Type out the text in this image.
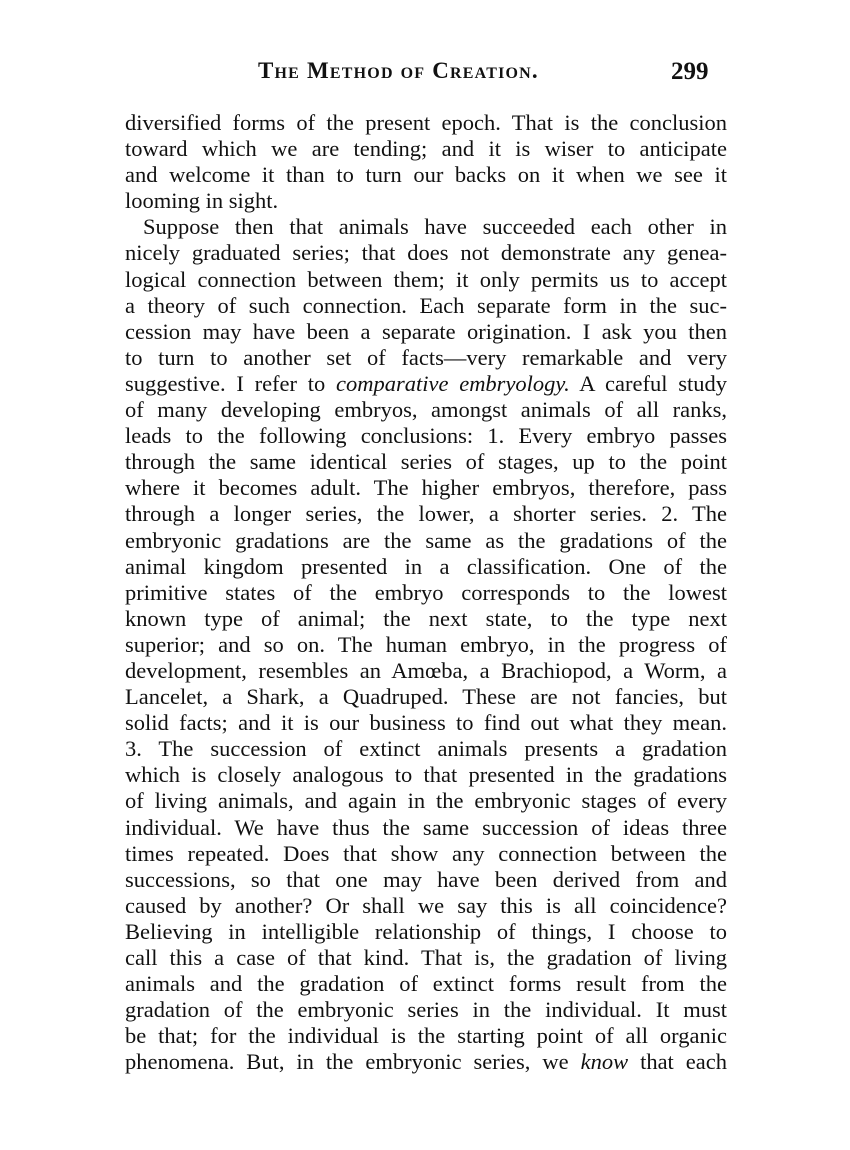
The Method of Creation.	299
diversified forms of the present epoch. That is the conclusion
toward which we are tending; and it is wiser to anticipate
and welcome it than to turn our backs on it when we see it
looming in sight.
Suppose then that animals have succeeded each other in
nicely graduated series; that does not demonstrate any genea-
logical connection between them; it only permits us to accept
a theory of such connection. Each separate form in the suc-
cession may have been a separate origination. I ask you then
to turn to another set of facts—very remarkable and very
suggestive. I refer to comparative embryology. A careful study
of many developing embryos, amongst animals of all ranks,
leads to the following conclusions: 1. Every embryo passes
through the same identical series of stages, up to the point
where it becomes adult. The higher embryos, therefore, pass
through a longer series, the lower, a shorter series. 2. The
embryonic gradations are the same as the gradations of the
animal kingdom presented in a classification. One of the
primitive states of the embryo corresponds to the lowest
known type of animal; the next state, to the type next
superior; and so on. The human embryo, in the progress of
development, resembles an Amœba, a Brachiopod, a Worm, a
Lancelet, a Shark, a Quadruped. These are not fancies, but
solid facts; and it is our business to find out what they mean.
3. The succession of extinct animals presents a gradation
which is closely analogous to that presented in the gradations
of living animals, and again in the embryonic stages of every
individual. We have thus the same succession of ideas three
times repeated. Does that show any connection between the
successions, so that one may have been derived from and
caused by another? Or shall we say this is all coincidence?
Believing in intelligible relationship of things, I choose to
call this a case of that kind. That is, the gradation of living
animals and the gradation of extinct forms result from the
gradation of the embryonic series in the individual. It must
be that; for the individual is the starting point of all organic
phenomena. But, in the embryonic series, we know that each
